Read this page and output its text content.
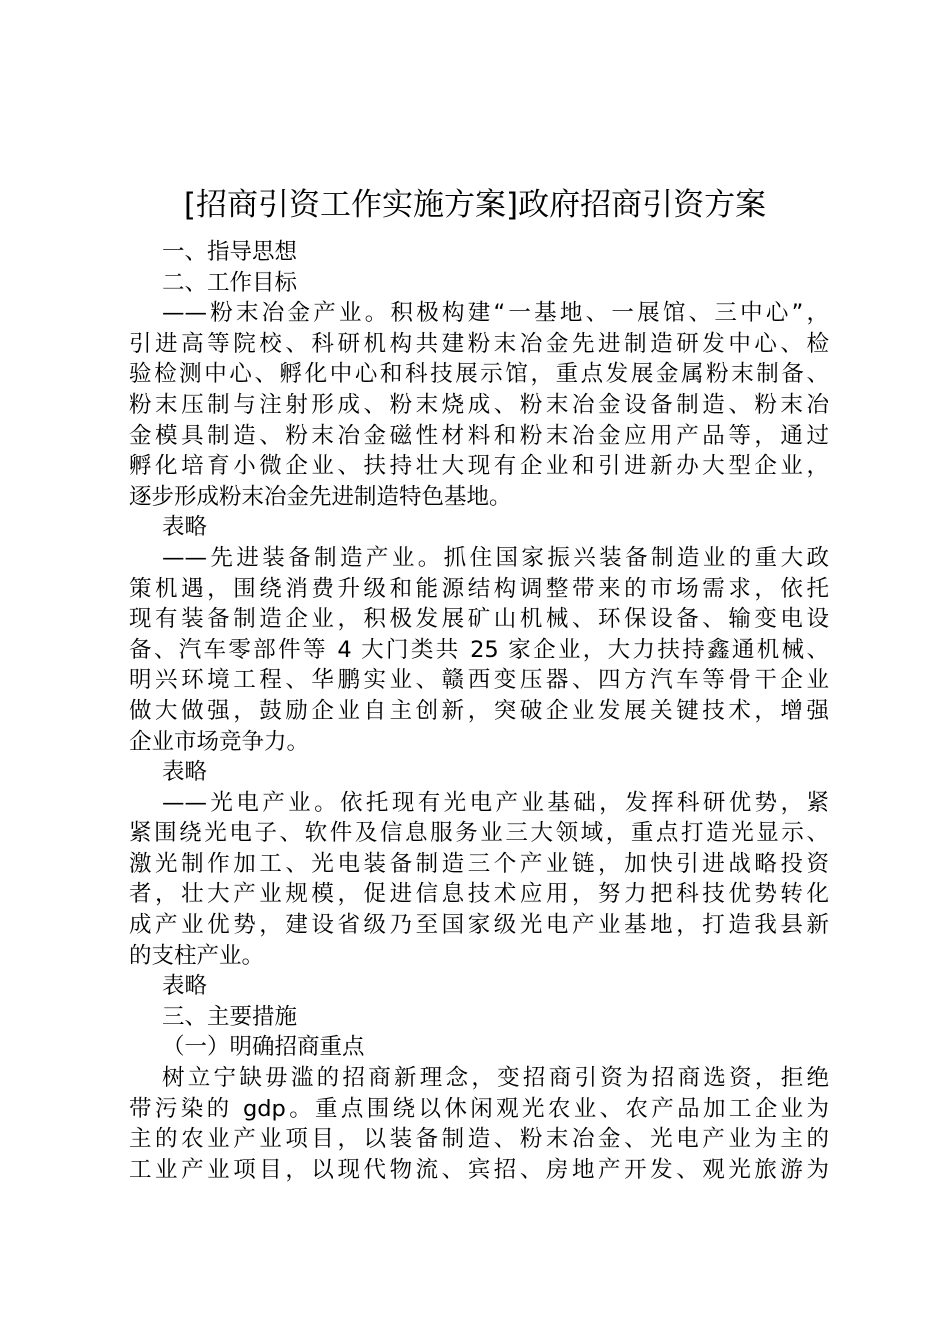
[招商引资工作实施方案]政府招商引资方案
一、指导思想
二、工作目标
——粉末冶金产业。积极构建“一基地、一展馆、三中心”，
引进高等院校、科研机构共建粉末冶金先进制造研发中心、检
验检测中心、孵化中心和科技展示馆，重点发展金属粉末制备、
粉末压制与注射形成、粉末烧成、粉末冶金设备制造、粉末冶
金模具制造、粉末冶金磁性材料和粉末冶金应用产品等，通过
孵化培育小微企业、扶持壮大现有企业和引进新办大型企业，
逐步形成粉末冶金先进制造特色基地。
表略
——先进装备制造产业。抓住国家振兴装备制造业的重大政
策机遇，围绕消费升级和能源结构调整带来的市场需求，依托
现有装备制造企业，积极发展矿山机械、环保设备、输变电设
备、汽车零部件等 4 大门类共 25 家企业，大力扶持鑫通机械、
明兴环境工程、华鹏实业、赣西变压器、四方汽车等骨干企业
做大做强，鼓励企业自主创新，突破企业发展关键技术，增强
企业市场竞争力。
表略
——光电产业。依托现有光电产业基础，发挥科研优势，紧
紧围绕光电子、软件及信息服务业三大领域，重点打造光显示、
激光制作加工、光电装备制造三个产业链，加快引进战略投资
者，壮大产业规模，促进信息技术应用，努力把科技优势转化
成产业优势，建设省级乃至国家级光电产业基地，打造我县新
的支柱产业。
表略
三、主要措施
（一）明确招商重点
树立宁缺毋滥的招商新理念，变招商引资为招商选资，拒绝
带污染的 gdp。重点围绕以休闲观光农业、农产品加工企业为
主的农业产业项目，以装备制造、粉末冶金、光电产业为主的
工业产业项目，以现代物流、宾招、房地产开发、观光旅游为
